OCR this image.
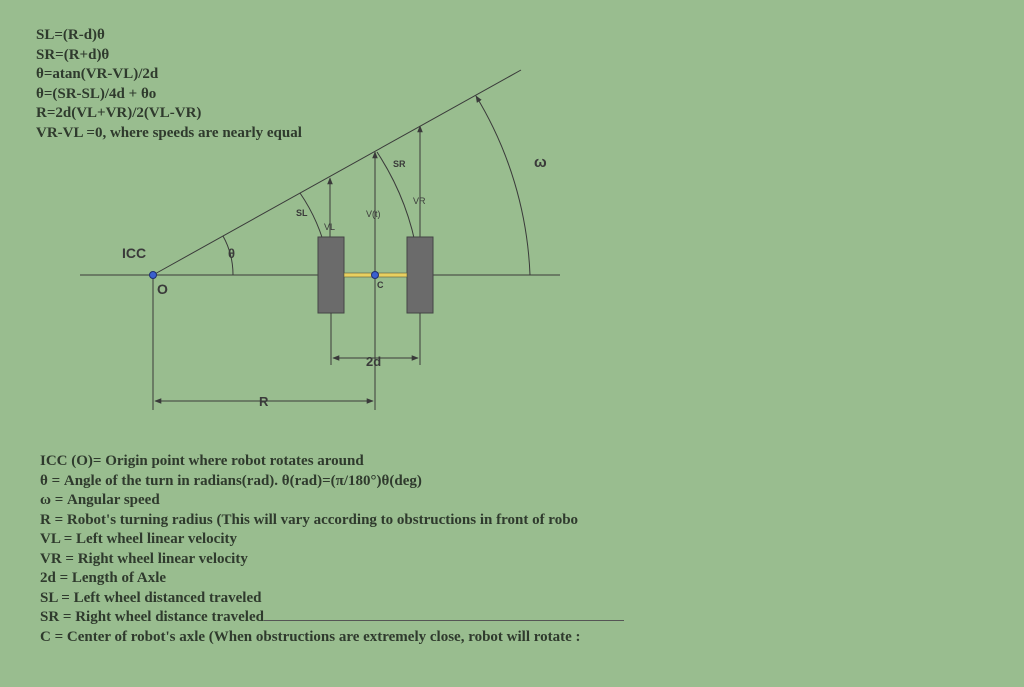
SL=(R-d)θ
SR=(R+d)θ
θ=atan(VR-VL)/2d
θ=(SR-SL)/4d + θo
R=2d(VL+VR)/2(VL-VR)
VR-VL =0, where speeds are nearly equal
ICC
O
θ
ω
C
SL
SR
VL
VR
V(t)
2d
R
ICC (O)= Origin point where robot rotates around
θ = Angle of the turn in radians(rad). θ(rad)=(π/180°)θ(deg)
ω = Angular speed
R = Robot's turning radius (This will vary according to obstructions in front of robo
VL = Left wheel linear velocity
VR = Right wheel linear velocity
2d = Length of Axle
SL = Left wheel distanced traveled
SR = Right wheel distance traveled
C = Center of robot's axle (When obstructions are extremely close, robot will rotate :
